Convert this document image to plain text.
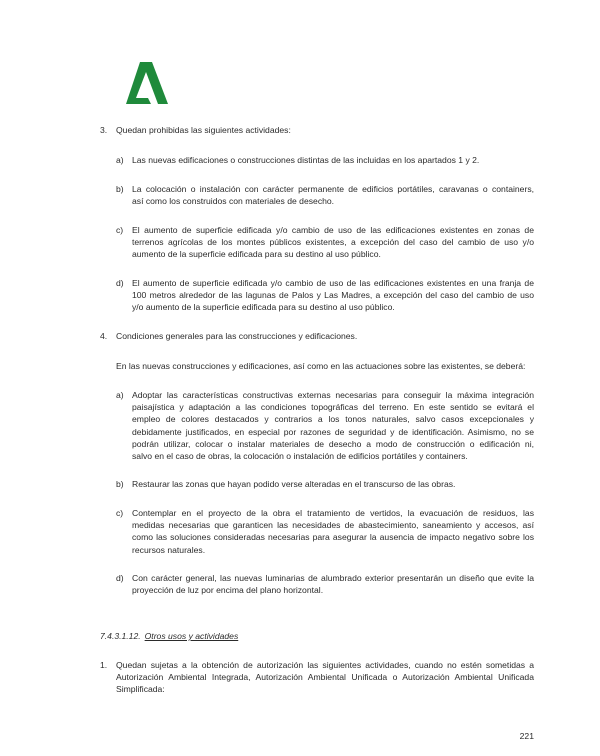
3. Quedan prohibidas las siguientes actividades:
a) Las nuevas edificaciones o construcciones distintas de las incluidas en los apartados 1 y 2.
b) La colocación o instalación con carácter permanente de edificios portátiles, caravanas o containers,
así como los construidos con materiales de desecho.
c) El aumento de superficie edificada y/o cambio de uso de las edificaciones existentes en zonas de
terrenos agrícolas de los montes públicos existentes, a excepción del caso del cambio de uso y/o
aumento de la superficie edificada para su destino al uso público.
d) El aumento de superficie edificada y/o cambio de uso de las edificaciones existentes en una franja de
100 metros alrededor de las lagunas de Palos y Las Madres, a excepción del caso del cambio de uso
y/o aumento de la superficie edificada para su destino al uso público.
4. Condiciones generales para las construcciones y edificaciones.
En las nuevas construcciones y edificaciones, así como en las actuaciones sobre las existentes, se deberá:
a) Adoptar las características constructivas externas necesarias para conseguir la máxima integración
paisajística y adaptación a las condiciones topográficas del terreno. En este sentido se evitará el
empleo de colores destacados y contrarios a los tonos naturales, salvo casos excepcionales y
debidamente justificados, en especial por razones de seguridad y de identificación. Asimismo, no se
podrán utilizar, colocar o instalar materiales de desecho a modo de construcción o edificación ni,
salvo en el caso de obras, la colocación o instalación de edificios portátiles y containers.
b) Restaurar las zonas que hayan podido verse alteradas en el transcurso de las obras.
c) Contemplar en el proyecto de la obra el tratamiento de vertidos, la evacuación de residuos, las
medidas necesarias que garanticen las necesidades de abastecimiento, saneamiento y accesos, así
como las soluciones consideradas necesarias para asegurar la ausencia de impacto negativo sobre los
recursos naturales.
d) Con carácter general, las nuevas luminarias de alumbrado exterior presentarán un diseño que evite la
proyección de luz por encima del plano horizontal.
7.4.3.1.12. Otros usos y actividades
1. Quedan sujetas a la obtención de autorización las siguientes actividades, cuando no estén sometidas a
Autorización Ambiental Integrada, Autorización Ambiental Unificada o Autorización Ambiental Unificada
Simplificada:
221
